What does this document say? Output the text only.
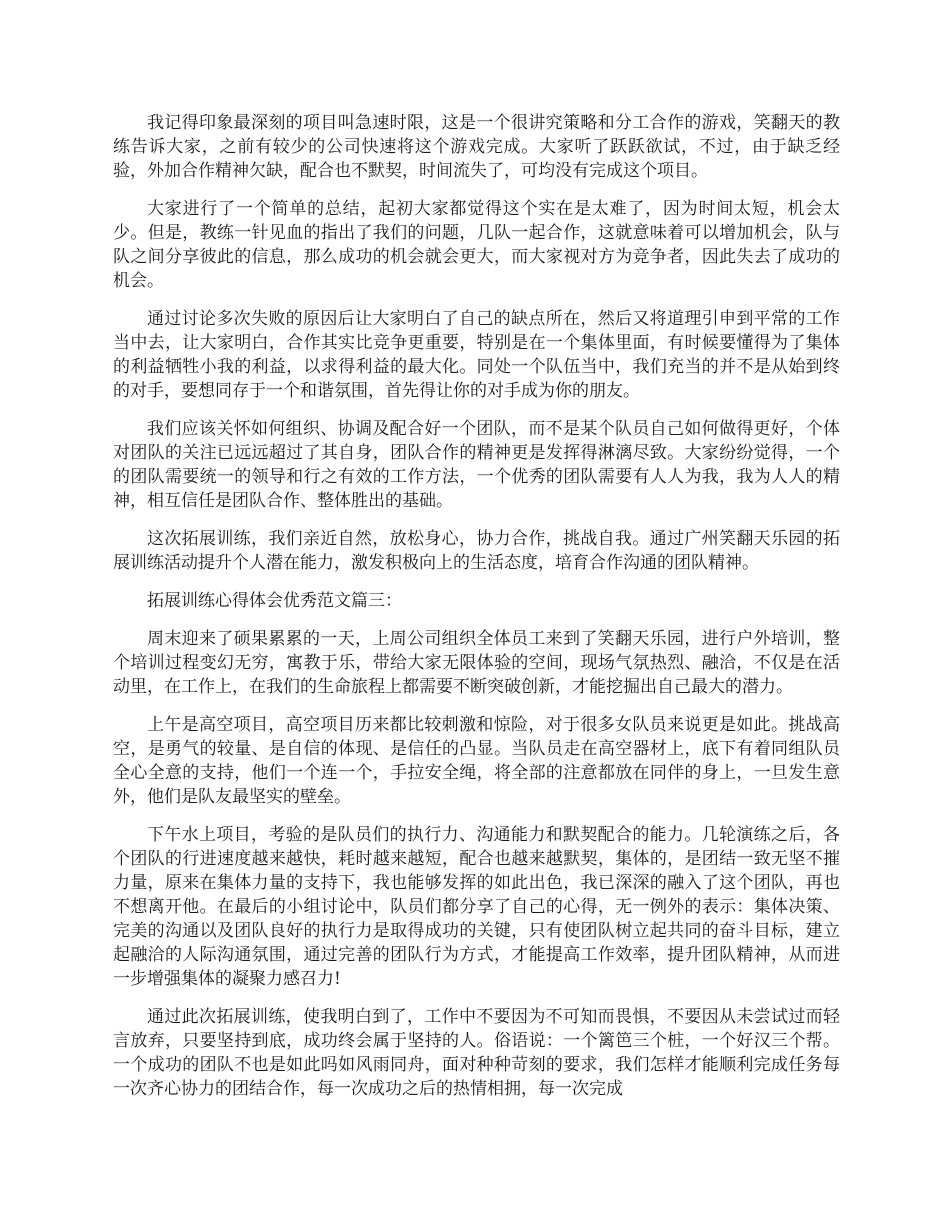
我记得印象最深刻的项目叫急速时限，这是一个很讲究策略和分工合作的游戏，笑翻天的教练告诉大家，之前有较少的公司快速将这个游戏完成。大家听了跃跃欲试，不过，由于缺乏经验，外加合作精神欠缺，配合也不默契，时间流失了，可均没有完成这个项目。

大家进行了一个简单的总结，起初大家都觉得这个实在是太难了，因为时间太短，机会太少。但是，教练一针见血的指出了我们的问题，几队一起合作，这就意味着可以增加机会，队与队之间分享彼此的信息，那么成功的机会就会更大，而大家视对方为竞争者，因此失去了成功的机会。

通过讨论多次失败的原因后让大家明白了自己的缺点所在，然后又将道理引申到平常的工作当中去，让大家明白，合作其实比竞争更重要，特别是在一个集体里面，有时候要懂得为了集体的利益牺牲小我的利益，以求得利益的最大化。同处一个队伍当中，我们充当的并不是从始到终的对手，要想同存于一个和谐氛围，首先得让你的对手成为你的朋友。

我们应该关怀如何组织、协调及配合好一个团队，而不是某个队员自己如何做得更好，个体对团队的关注已远远超过了其自身，团队合作的精神更是发挥得淋漓尽致。大家纷纷觉得，一个的团队需要统一的领导和行之有效的工作方法，一个优秀的团队需要有人人为我，我为人人的精神，相互信任是团队合作、整体胜出的基础。

这次拓展训练，我们亲近自然，放松身心，协力合作，挑战自我。通过广州笑翻天乐园的拓展训练活动提升个人潜在能力，激发积极向上的生活态度，培育合作沟通的团队精神。

拓展训练心得体会优秀范文篇三：

周末迎来了硕果累累的一天，上周公司组织全体员工来到了笑翻天乐园，进行户外培训，整个培训过程变幻无穷，寓教于乐，带给大家无限体验的空间，现场气氛热烈、融洽，不仅是在活动里，在工作上，在我们的生命旅程上都需要不断突破创新，才能挖掘出自己最大的潜力。

上午是高空项目，高空项目历来都比较刺激和惊险，对于很多女队员来说更是如此。挑战高空，是勇气的较量、是自信的体现、是信任的凸显。当队员走在高空器材上，底下有着同组队员全心全意的支持，他们一个连一个，手拉安全绳，将全部的注意都放在同伴的身上，一旦发生意外，他们是队友最坚实的壁垒。

下午水上项目，考验的是队员们的执行力、沟通能力和默契配合的能力。几轮演练之后，各个团队的行进速度越来越快，耗时越来越短，配合也越来越默契，集体的，是团结一致无坚不摧力量，原来在集体力量的支持下，我也能够发挥的如此出色，我已深深的融入了这个团队，再也不想离开他。在最后的小组讨论中，队员们都分享了自己的心得，无一例外的表示：集体决策、完美的沟通以及团队良好的执行力是取得成功的关键，只有使团队树立起共同的奋斗目标，建立起融洽的人际沟通氛围，通过完善的团队行为方式，才能提高工作效率，提升团队精神，从而进一步增强集体的凝聚力感召力!

通过此次拓展训练，使我明白到了，工作中不要因为不可知而畏惧，不要因从未尝试过而轻言放弃，只要坚持到底，成功终会属于坚持的人。俗语说：一个篱笆三个桩，一个好汉三个帮。一个成功的团队不也是如此吗如风雨同舟，面对种种苛刻的要求，我们怎样才能顺利完成任务每一次齐心协力的团结合作，每一次成功之后的热情相拥，每一次完成
